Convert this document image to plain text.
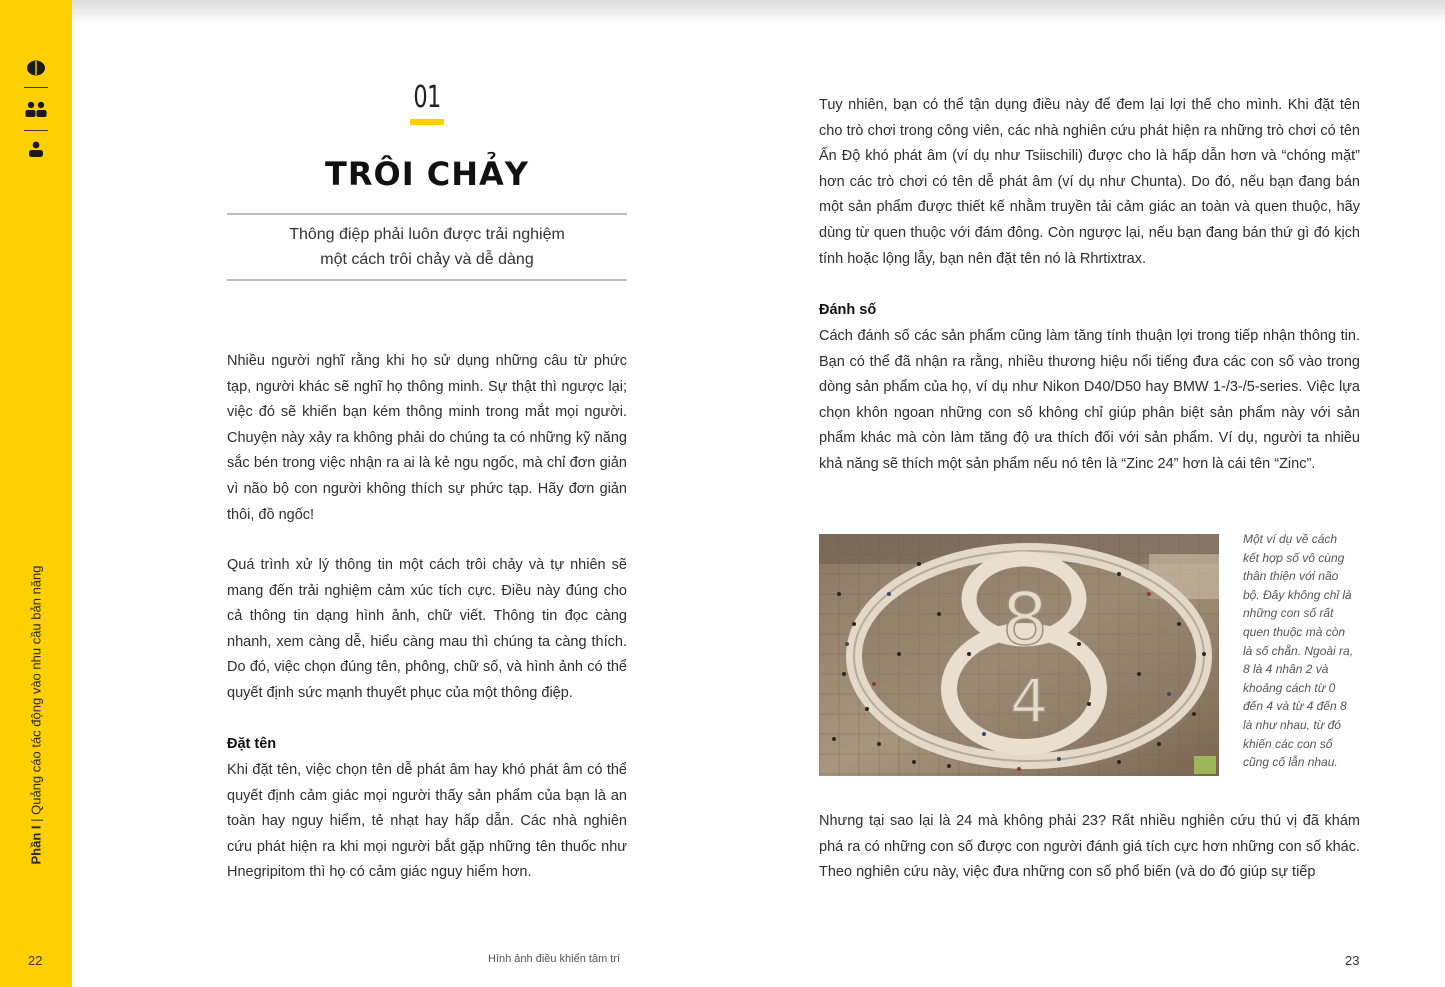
Phần I | Quảng cáo tác động vào nhu cầu bản năng
22
01
TRÔI CHẢY
Thông điệp phải luôn được trải nghiệm
một cách trôi chảy và dễ dàng

Nhiều người nghĩ rằng khi họ sử dụng những câu từ phức tạp, người khác sẽ nghĩ họ thông minh. Sự thật thì ngược lại; việc đó sẽ khiến bạn kém thông minh trong mắt mọi người. Chuyện này xảy ra không phải do chúng ta có những kỹ năng sắc bén trong việc nhận ra ai là kẻ ngu ngốc, mà chỉ đơn giản vì não bộ con người không thích sự phức tạp. Hãy đơn giản thôi, đồ ngốc!

Quá trình xử lý thông tin một cách trôi chảy và tự nhiên sẽ mang đến trải nghiệm cảm xúc tích cực. Điều này đúng cho cả thông tin dạng hình ảnh, chữ viết. Thông tin đọc càng nhanh, xem càng dễ, hiểu càng mau thì chúng ta càng thích. Do đó, việc chọn đúng tên, phông, chữ số, và hình ảnh có thể quyết định sức mạnh thuyết phục của một thông điệp.

Đặt tên

Khi đặt tên, việc chọn tên dễ phát âm hay khó phát âm có thể quyết định cảm giác mọi người thấy sản phẩm của bạn là an toàn hay nguy hiểm, tẻ nhạt hay hấp dẫn. Các nhà nghiên cứu phát hiện ra khi mọi người bắt gặp những tên thuốc như Hnegripitom thì họ có cảm giác nguy hiểm hơn.

Tuy nhiên, bạn có thể tận dụng điều này để đem lại lợi thế cho mình. Khi đặt tên cho trò chơi trong công viên, các nhà nghiên cứu phát hiện ra những trò chơi có tên Ấn Độ khó phát âm (ví dụ như Tsiischili) được cho là hấp dẫn hơn và “chóng mặt” hơn các trò chơi có tên dễ phát âm (ví dụ như Chunta). Do đó, nếu bạn đang bán một sản phẩm được thiết kế nhằm truyền tải cảm giác an toàn và quen thuộc, hãy dùng từ quen thuộc với đám đông. Còn ngược lại, nếu bạn đang bán thứ gì đó kịch tính hoặc lộng lẫy, bạn nên đặt tên nó là Rhrtixtrax.

Đánh số

Cách đánh số các sản phẩm cũng làm tăng tính thuận lợi trong tiếp nhận thông tin. Bạn có thể đã nhận ra rằng, nhiều thương hiệu nổi tiếng đưa các con số vào trong dòng sản phẩm của họ, ví dụ như Nikon D40/D50 hay BMW 1-/3-/5-series. Việc lựa chọn khôn ngoan những con số không chỉ giúp phân biệt sản phẩm này với sản phẩm khác mà còn làm tăng độ ưa thích đối với sản phẩm. Ví dụ, người ta nhiều khả năng sẽ thích một sản phẩm nếu nó tên là “Zinc 24” hơn là cái tên “Zinc”.

8
4
Một ví dụ về cách kết hợp số vô cùng thân thiện với não bộ. Đây không chỉ là những con số rất quen thuộc mà còn là số chẵn. Ngoài ra, 8 là 4 nhân 2 và khoảng cách từ 0 đến 4 và từ 4 đến 8 là như nhau, từ đó khiến các con số cũng cố lẫn nhau.

Nhưng tại sao lại là 24 mà không phải 23? Rất nhiều nghiên cứu thú vị đã khám phá ra có những con số được con người đánh giá tích cực hơn những con số khác. Theo nghiên cứu này, việc đưa những con số phổ biến (và do đó giúp sự tiếp

Hình ảnh điều khiển tâm trí	23
